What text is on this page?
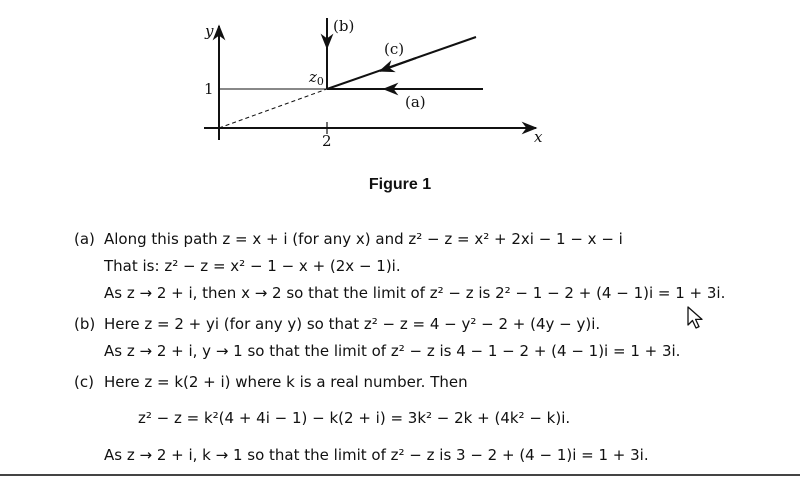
y
x
1
2
$z_0$
(b)
(c)
(a)
Figure 1
(a) Along this path z = x + i (for any x) and z² − z = x² + 2xi − 1 − x − i
That is: z² − z = x² − 1 − x + (2x − 1)i.
As z → 2 + i, then x → 2 so that the limit of z² − z is 2² − 1 − 2 + (4 − 1)i = 1 + 3i.
(b) Here z = 2 + yi (for any y) so that z² − z = 4 − y² − 2 + (4y − y)i.
As z → 2 + i, y → 1 so that the limit of z² − z is 4 − 1 − 2 + (4 − 1)i = 1 + 3i.
(c) Here z = k(2 + i) where k is a real number. Then
z² − z = k²(4 + 4i − 1) − k(2 + i) = 3k² − 2k + (4k² − k)i.
As z → 2 + i, k → 1 so that the limit of z² − z is 3 − 2 + (4 − 1)i = 1 + 3i.
